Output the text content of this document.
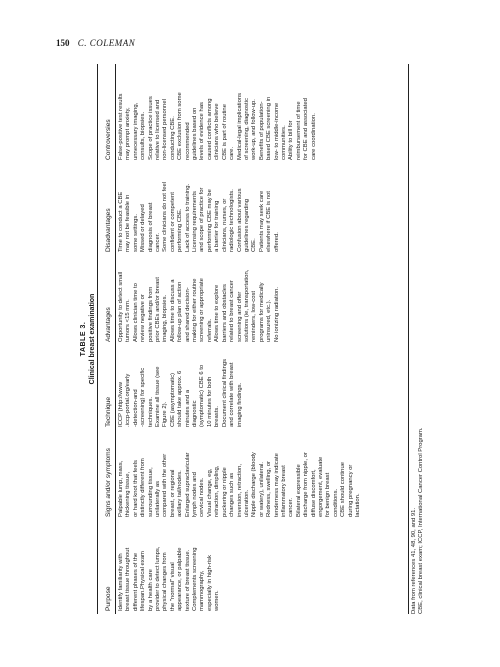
150 C. COLEMAN
TABLE 3. Clinical breast examination
Purpose
Signs and/or symptoms
Technique
Advantages
Disadvantages
Controversies
Identify familiarity with breast tissue throughout different phases of the lifespan.Physical exam by a health care provider to detect lumps, physical changes from the "normal" visual appearance, or palpable texture of breast tissue. Complements screening mammography, especially in high-risk women.
Palpable lump, mass, thickening tissue, or hard knot that feels distinctly different from surrounding tissue, unilaterally as compared with the other breast, or regional axillary tail/nodes. Enlarged supraclavicular lymph nodes and cervical nodes. Visual change, eg, retraction, dimpling, puckering or nipple changes such as inversion, retraction, ulceration. Nipple discharge (bloody or watery), unilateral. Redness, swelling, or tenderness may indicate inflammatory breast cancer. Bilateral expressible discharge from nipple, or diffuse discomfort, engorgement, evaluate for benign breast conditions. CBE should continue during pregnancy or lactation.
ICCP (http://www .iccp-portal.org/early -detection-and -screening) for specific techniques. Examine all tissue (see Figure 2). CBE (asymptomatic) should take approx. 6 minutes and a diagnostic (symptomatic) CBE 6 to 10 minutes for both breasts. Document clinical findings and correlate with breast imaging findings.
Opportunity to detect small tumors <15 mm. Allows clinician time to review negative or positive findings from prior CBEs and/or breast imaging, biopsies. Allows time to discuss a follow-up plan of action and shared decision- making for either routine screening or appropriate referrals. Allows time to explore barriers and obstacles related to breast cancer screening and offer solutions (ie, transportation, reminders, low-cost programs for medically uninsured, etc.). No ionizing radiation.
Time to conduct a CBE may not be feasible in some settings. Missed or delayed diagnosis of breast cancer. Some clinicians do not feel confident or competent performing CBE. Lack of access to training. Licensing requirements and scope of practice for performing CBE may be a barrier for training clinicians, nurses, or radiologic technologists. Confusion about various guidelines regarding CBE. Patients may seek care elsewhere if CBE is not offered.
False-positive test results may prompt anxiety, unnecessary imaging, consults, biopsies. Scope of practice issues relative to licensed and non-licensed personnel conducting CBE. CBE exclusion from some recommended guidelines based on levels of evidence has caused conflicts among clinicians who believe CBE is part of routine care. Medical-legal implications of screening, diagnostic work-up, and follow-up. Benefits of population- based CBE screening in low- to middle-income communities. Ability to bill for reimbursement of time for CBE and associated care coordination.
Data from references 41, 48, 90, and 91. CBE, clinical breast exam; ICCP, International Cancer Control Program.
